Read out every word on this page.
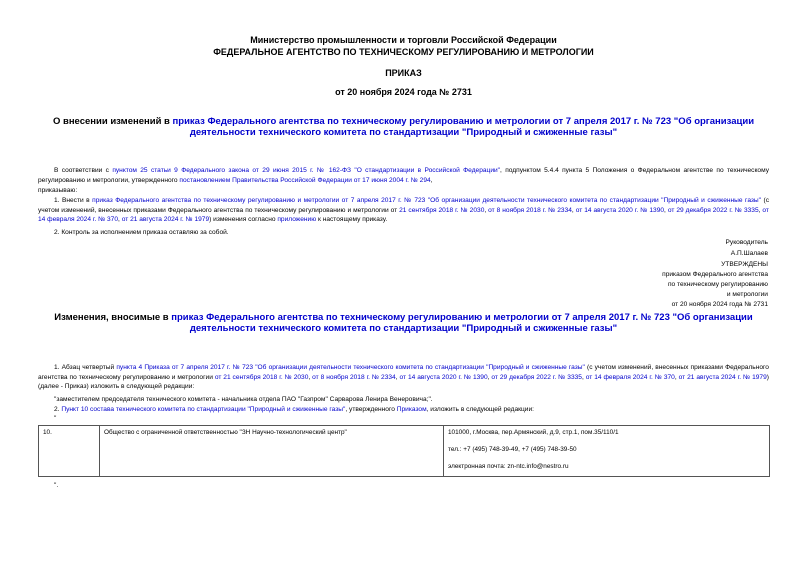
Министерство промышленности и торговли Российской Федерации
ФЕДЕРАЛЬНОЕ АГЕНТСТВО ПО ТЕХНИЧЕСКОМУ РЕГУЛИРОВАНИЮ И МЕТРОЛОГИИ
ПРИКАЗ
от 20 ноября 2024 года № 2731
О внесении изменений в приказ Федерального агентства по техническому регулированию и метрологии от 7 апреля 2017 г. № 723 "Об организации деятельности технического комитета по стандартизации "Природный и сжиженные газы"
В соответствии с пунктом 25 статьи 9 Федерального закона от 29 июня 2015 г. № 162-ФЗ "О стандартизации в Российской Федерации", подпунктом 5.4.4 пункта 5 Положения о Федеральном агентстве по техническому регулированию и метрологии, утвержденного постановлением Правительства Российской Федерации от 17 июня 2004 г. № 294,
приказываю:
1. Внести в приказ Федерального агентства по техническому регулированию и метрологии от 7 апреля 2017 г. № 723 "Об организации деятельности технического комитета по стандартизации "Природный и сжиженные газы" (с учетом изменений, внесенных приказами Федерального агентства по техническому регулированию и метрологии от 21 сентября 2018 г. № 2030, от 8 ноября 2018 г. № 2334, от 14 августа 2020 г. № 1390, от 29 декабря 2022 г. № 3335, от 14 февраля 2024 г. № 370, от 21 августа 2024 г. № 1979) изменения согласно приложению к настоящему приказу.
2. Контроль за исполнением приказа оставляю за собой.
Руководитель
А.П.Шалаев
УТВЕРЖДЕНЫ
приказом Федерального агентства
по техническому регулированию
и метрологии
от 20 ноября 2024 года № 2731
Изменения, вносимые в приказ Федерального агентства по техническому регулированию и метрологии от 7 апреля 2017 г. № 723 "Об организации деятельности технического комитета по стандартизации "Природный и сжиженные газы"
1. Абзац четвертый пункта 4 Приказа от 7 апреля 2017 г. № 723 "Об организации деятельности технического комитета по стандартизации "Природный и сжиженные газы" (с учетом изменений, внесенных приказами Федерального агентства по техническому регулированию и метрологии от 21 сентября 2018 г. № 2030, от 8 ноября 2018 г. № 2334, от 14 августа 2020 г. № 1390, от 29 декабря 2022 г. № 3335, от 14 февраля 2024 г. № 370, от 21 августа 2024 г. № 1979) (далее - Приказ) изложить в следующей редакции:
"заместителем председателя технического комитета - начальника отдела ПАО "Газпром" Сарварова Ленира Венеровича;".
2. Пункт 10 состава технического комитета по стандартизации "Природный и сжиженные газы", утвержденного Приказом, изложить в следующей редакции:
"
10.	Общество с ограниченной ответственностью "ЗН Научно-технологический центр"	101000, г.Москва, пер.Армянский, д.9, стр.1, пом.35/110/1
тел.: +7 (495) 748-39-49, +7 (495) 748-39-50
электронная почта: zn-ntc.info@nestro.ru
".
